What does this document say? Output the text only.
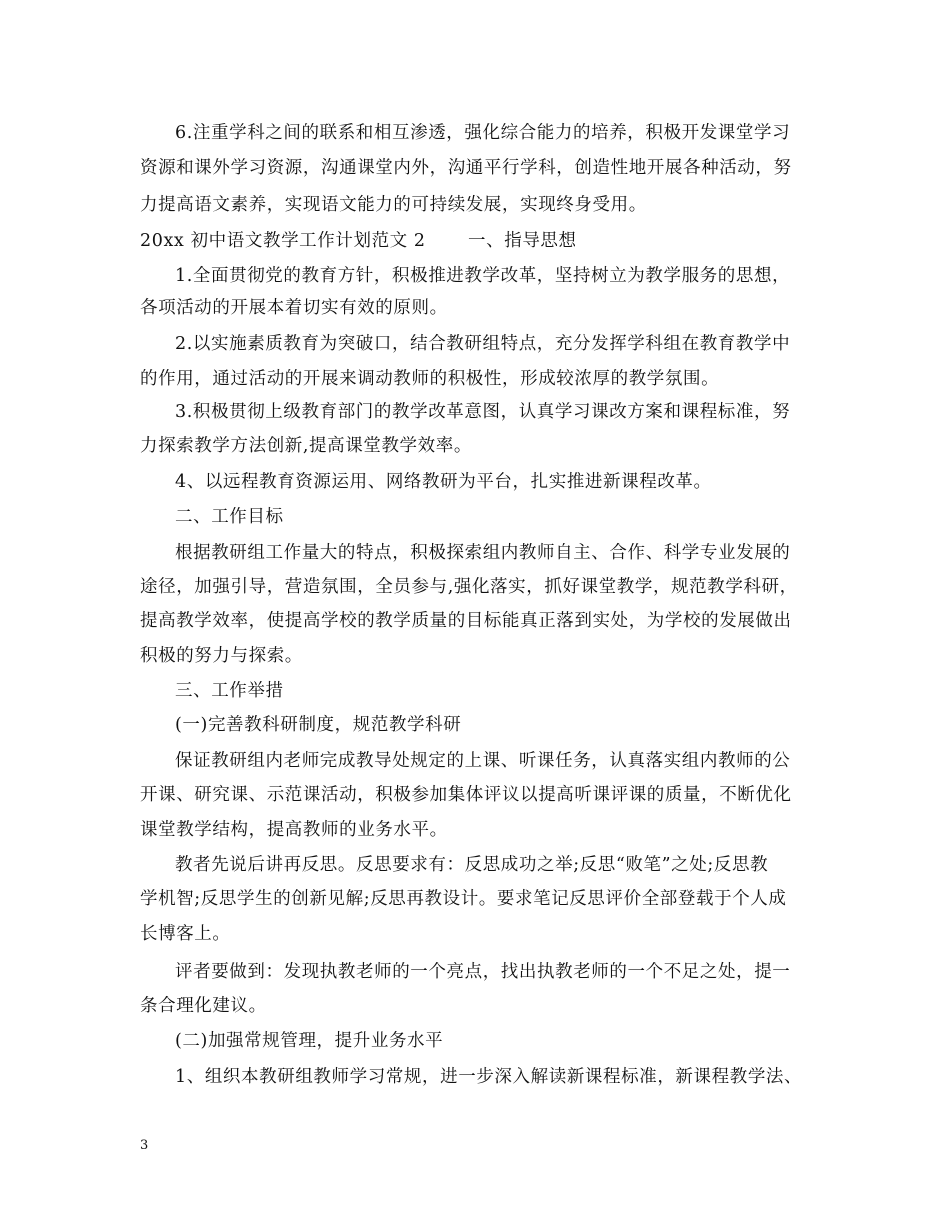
6.注重学科之间的联系和相互渗透，强化综合能力的培养，积极开发课堂学习
资源和课外学习资源，沟通课堂内外，沟通平行学科，创造性地开展各种活动，努
力提高语文素养，实现语文能力的可持续发展，实现终身受用。
20xx 初中语文教学工作计划范文 2　　 一、指导思想
1.全面贯彻党的教育方针，积极推进教学改革，坚持树立为教学服务的思想，
各项活动的开展本着切实有效的原则。
2.以实施素质教育为突破口，结合教研组特点，充分发挥学科组在教育教学中
的作用，通过活动的开展来调动教师的积极性，形成较浓厚的教学氛围。
3.积极贯彻上级教育部门的教学改革意图，认真学习课改方案和课程标准，努
力探索教学方法创新,提高课堂教学效率。
4、以远程教育资源运用、网络教研为平台，扎实推进新课程改革。
二、工作目标
根据教研组工作量大的特点，积极探索组内教师自主、合作、科学专业发展的
途径，加强引导，营造氛围，全员参与,强化落实，抓好课堂教学，规范教学科研，
提高教学效率，使提高学校的教学质量的目标能真正落到实处，为学校的发展做出
积极的努力与探索。
三、工作举措
(一)完善教科研制度，规范教学科研
保证教研组内老师完成教导处规定的上课、听课任务，认真落实组内教师的公
开课、研究课、示范课活动，积极参加集体评议以提高听课评课的质量，不断优化
课堂教学结构，提高教师的业务水平。
教者先说后讲再反思。反思要求有：反思成功之举;反思“败笔”之处;反思教
学机智;反思学生的创新见解;反思再教设计。要求笔记反思评价全部登载于个人成
长博客上。
评者要做到：发现执教老师的一个亮点，找出执教老师的一个不足之处，提一
条合理化建议。
(二)加强常规管理，提升业务水平
1、组织本教研组教师学习常规，进一步深入解读新课程标准，新课程教学法、
3
